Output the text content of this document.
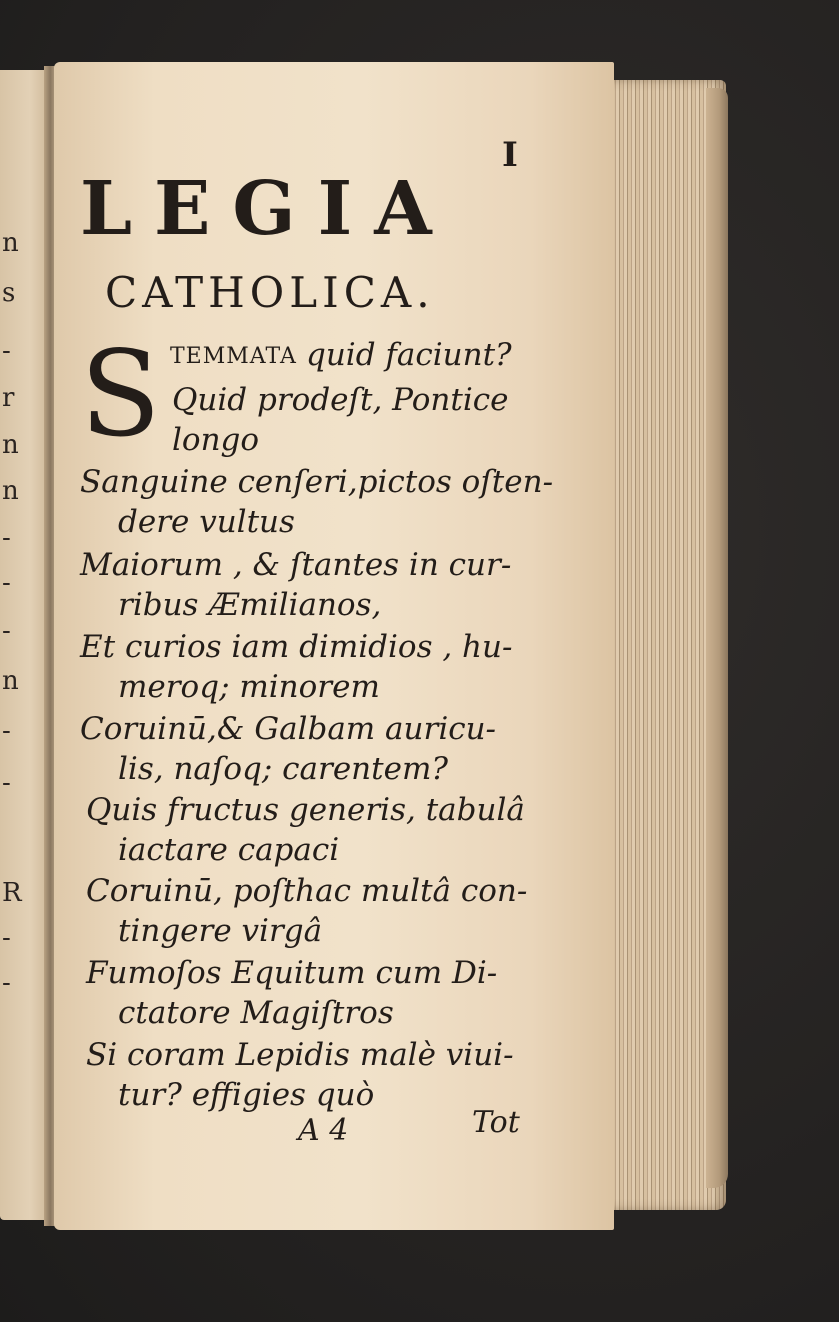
n
s
-
r
n
n
-
-
-
n
-
-
R
-
-
I
LEGIA
CATHOLICA.
S TEMMATA quid faciunt?
Quid prodeſt, Pontice
longo
Sanguine cenſeri,pictos oſten-
dere vultus
Maiorum , & ſtantes in cur-
ribus Æmilianos,
Et curios iam dimidios , hu-
meroq; minorem
Coruinū,& Galbam auricu-
lis, naſoq; carentem?
Quis fructus generis, tabulâ
iactare capaci
Coruinū, poſthac multâ con-
tingere virgâ
Fumoſos Equitum cum Di-
ctatore Magiſtros
Si coram Lepidis malè viui-
tur? effigies quò
A 4	Tot
